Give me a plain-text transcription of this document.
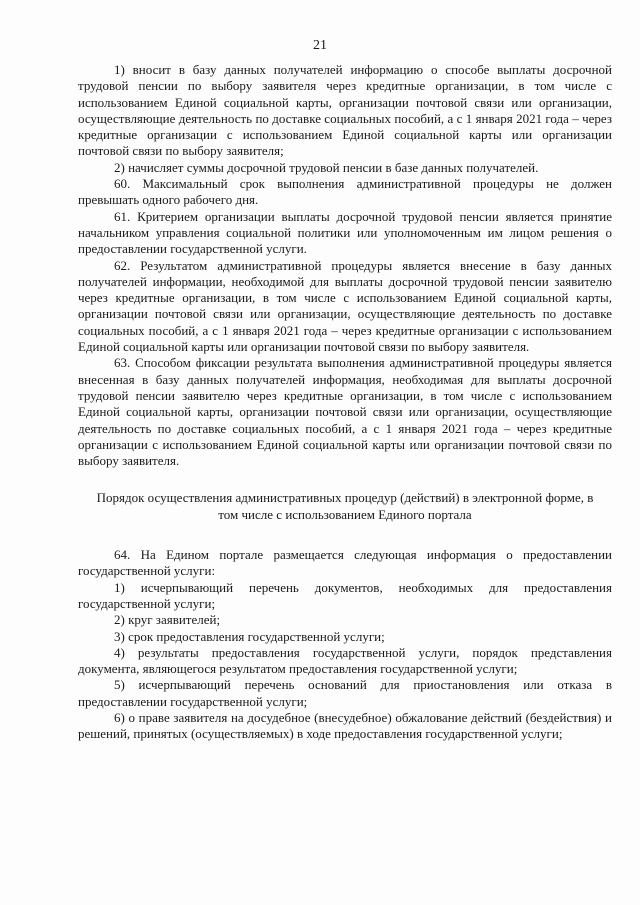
21

1) вносит в базу данных получателей информацию о способе выплаты досрочной трудовой пенсии по выбору заявителя через кредитные организации, в том числе с использованием Единой социальной карты, организации почтовой связи или организации, осуществляющие деятельность по доставке социальных пособий, а с 1 января 2021 года – через кредитные организации с использованием Единой социальной карты или организации почтовой связи по выбору заявителя;

2) начисляет суммы досрочной трудовой пенсии в базе данных получателей.

60. Максимальный срок выполнения административной процедуры не должен превышать одного рабочего дня.

61. Критерием организации выплаты досрочной трудовой пенсии является принятие начальником управления социальной политики или уполномоченным им лицом решения о предоставлении государственной услуги.

62. Результатом административной процедуры является внесение в базу данных получателей информации, необходимой для выплаты досрочной трудовой пенсии заявителю через кредитные организации, в том числе с использованием Единой социальной карты, организации почтовой связи или организации, осуществляющие деятельность по доставке социальных пособий, а с 1 января 2021 года – через кредитные организации с использованием Единой социальной карты или организации почтовой связи по выбору заявителя.

63. Способом фиксации результата выполнения административной процедуры является внесенная в базу данных получателей информация, необходимая для выплаты досрочной трудовой пенсии заявителю через кредитные организации, в том числе с использованием Единой социальной карты, организации почтовой связи или организации, осуществляющие деятельность по доставке социальных пособий, а с 1 января 2021 года – через кредитные организации с использованием Единой социальной карты или организации почтовой связи по выбору заявителя.

Порядок осуществления административных процедур (действий) в электронной форме, в том числе с использованием Единого портала

64. На Едином портале размещается следующая информация о предоставлении государственной услуги:

1) исчерпывающий перечень документов, необходимых для предоставления государственной услуги;

2) круг заявителей;

3) срок предоставления государственной услуги;

4) результаты предоставления государственной услуги, порядок представления документа, являющегося результатом предоставления государственной услуги;

5) исчерпывающий перечень оснований для приостановления или отказа в предоставлении государственной услуги;

6) о праве заявителя на досудебное (внесудебное) обжалование действий (бездействия) и решений, принятых (осуществляемых) в ходе предоставления государственной услуги;
